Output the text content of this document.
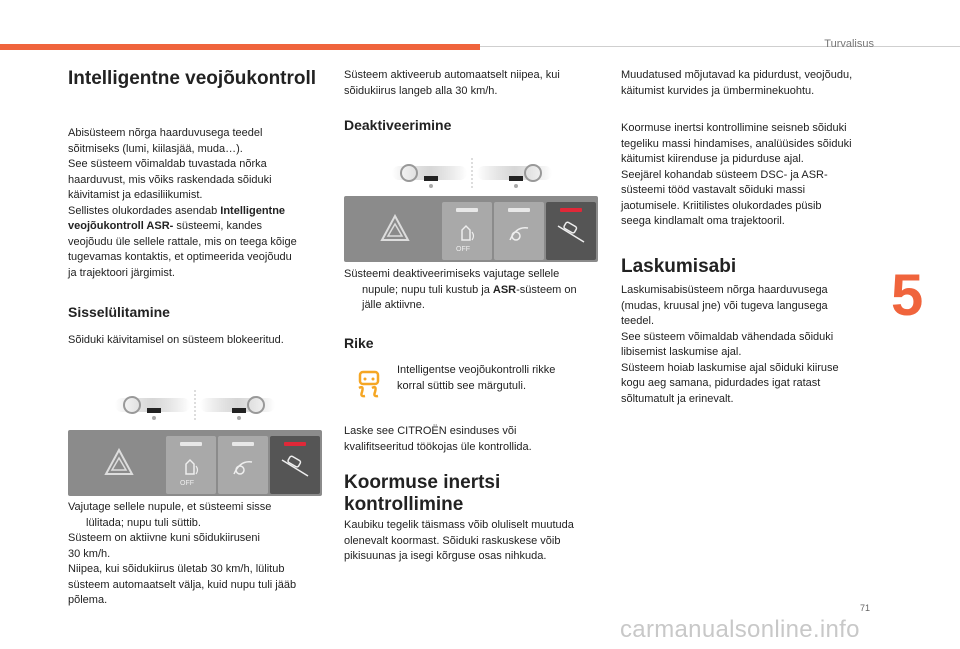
Turvalisus
5
71
carmanualsonline.info
Intelligentne veojõukontroll

Abisüsteem nõrga haarduvusega teedel

sõitmiseks (lumi, kiilasjää, muda…).

See süsteem võimaldab tuvastada nõrka

haarduvust, mis võiks raskendada sõiduki

käivitamist ja edasiliikumist.

Sellistes olukordades asendab Intelligentne

veojõukontroll ASR- süsteemi, kandes

veojõudu üle sellele rattale, mis on teega kõige

tugevamas kontaktis, et optimeerida veojõudu

ja trajektoori järgimist.

Sisselülitamine
Sõiduki käivitamisel on süsteem blokeeritud.
OFF

Vajutage sellele nupule, et süsteemi sisse

lülitada; nupu tuli süttib.

Süsteem on aktiivne kuni sõidukiiruseni

30 km/h.

Niipea, kui sõidukiirus ületab 30 km/h, lülitub

süsteem automaatselt välja, kuid nupu tuli jääb

põlema.

Süsteem aktiveerub automaatselt niipea, kui

sõidukiirus langeb alla 30 km/h.

Deaktiveerimine
OFF

Süsteemi deaktiveerimiseks vajutage sellele

nupule; nupu tuli kustub ja ASR-süsteem on

jälle aktiivne.

Rike

Intelligentse veojõukontrolli rikke

korral süttib see märgutuli.

Laske see CITROËN esinduses või

kvalifitseeritud töökojas üle kontrollida.

Koormuse inertsi
kontrollimine

Kaubiku tegelik täismass võib oluliselt muutuda

olenevalt koormast. Sõiduki raskuskese võib

pikisuunas ja isegi kõrguse osas nihkuda.

Muudatused mõjutavad ka pidurdust, veojõudu,

käitumist kurvides ja ümberminekuohtu.

Koormuse inertsi kontrollimine seisneb sõiduki

tegeliku massi hindamises, analüüsides sõiduki

käitumist kiirenduse ja pidurduse ajal.

Seejärel kohandab süsteem DSC- ja ASR-

süsteemi tööd vastavalt sõiduki massi

jaotumisele. Kriitilistes olukordades püsib

seega kindlamalt oma trajektooril.

Laskumisabi

Laskumisabisüsteem nõrga haarduvusega

(mudas, kruusal jne) või tugeva langusega

teedel.

See süsteem võimaldab vähendada sõiduki

libisemist laskumise ajal.

Süsteem hoiab laskumise ajal sõiduki kiiruse

kogu aeg samana, pidurdades igat ratast

sõltumatult ja erinevalt.
